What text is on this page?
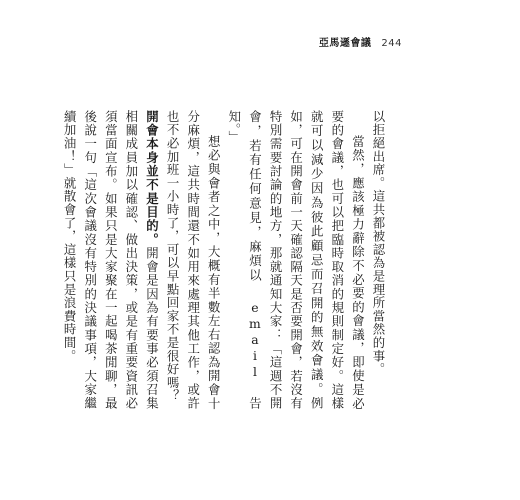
亞馬遜會議 244

以拒絕出席。這共都被認為是理所當然的事。

當然，應該極力辭除不必要的會議，即使是必要的會議，也可以把臨時取消的規則制定好。這樣就可以減少因為彼此顧忌而召開的無效會議。例如，可在開會前一天確認隔天是否要開會，若沒有特別需要討論的地方，那就通知大家：「這週不開會，若有任何意見，麻煩以 email 告知。」

想必與會者之中，大概有半數左右認為開會十分麻煩，這共時間還不如用來處理其他工作，或許也不必加班一小時了，可以早點回家不是很好嗎？

開會本身並不是目的。開會是因為有要事必須召集相關成員加以確認、做出決策，或是有重要資訊必須當面宣布。如果只是大家聚在一起喝茶閒聊，最後說一句「這次會議沒有特別的決議事項，大家繼續加油！」就散會了，這樣只是浪費時間。
